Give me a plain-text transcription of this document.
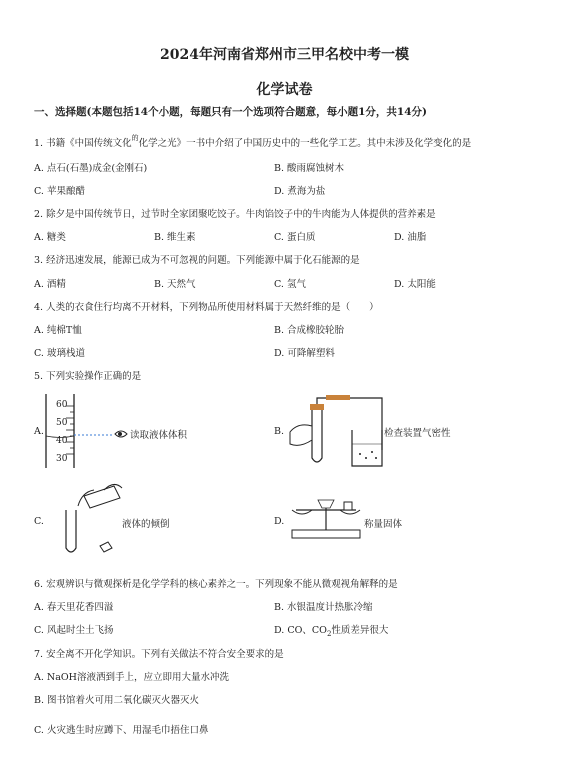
2024年河南省郑州市三甲名校中考一模
化学试卷
一、选择题(本题包括14个小题，每题只有一个选项符合题意，每小题1分，共14分)
1. 书籍《中国传统文化$^的$化学之光》一书中介绍了中国历史中的一些化学工艺。其中未涉及化学变化的是
A. 点石(石墨)成金(金刚石)	B. 酸雨腐蚀树木
C. 苹果酿醋	D. 煮海为盐
2. 除夕是中国传统节日，过节时全家团聚吃饺子。牛肉馅饺子中的牛肉能为人体提供的营养素是
A. 糖类	B. 维生素	C. 蛋白质	D. 油脂
3. 经济迅速发展，能源已成为不可忽视的问题。下列能源中属于化石能源的是
A. 酒精	B. 天然气	C. 氢气	D. 太阳能
4. 人类的衣食住行均离不开材料，下列物品所使用材料属于天然纤维的是（　　）
A. 纯棉T恤	B. 合成橡胶轮胎
C. 玻璃栈道	D. 可降解塑料
5. 下列实验操作正确的是
A.
60
50
40
30
读取液体体积	B.	检查装置气密性
C.	液体的倾倒	D.	称量固体
6. 宏观辨识与微观探析是化学学科的核心素养之一。下列现象不能从微观视角解释的是
A. 春天里花香四溢	B. 水银温度计热胀冷缩
C. 风起时尘土飞扬	D. CO、$CO_2$性质差异很大
7. 安全离不开化学知识。下列有关做法不符合安全要求的是
A. NaOH溶液洒到手上，应立即用大量水冲洗
B. 图书馆着火可用二氧化碳灭火器灭火
C. 火灾逃生时应蹲下、用湿毛巾捂住口鼻
